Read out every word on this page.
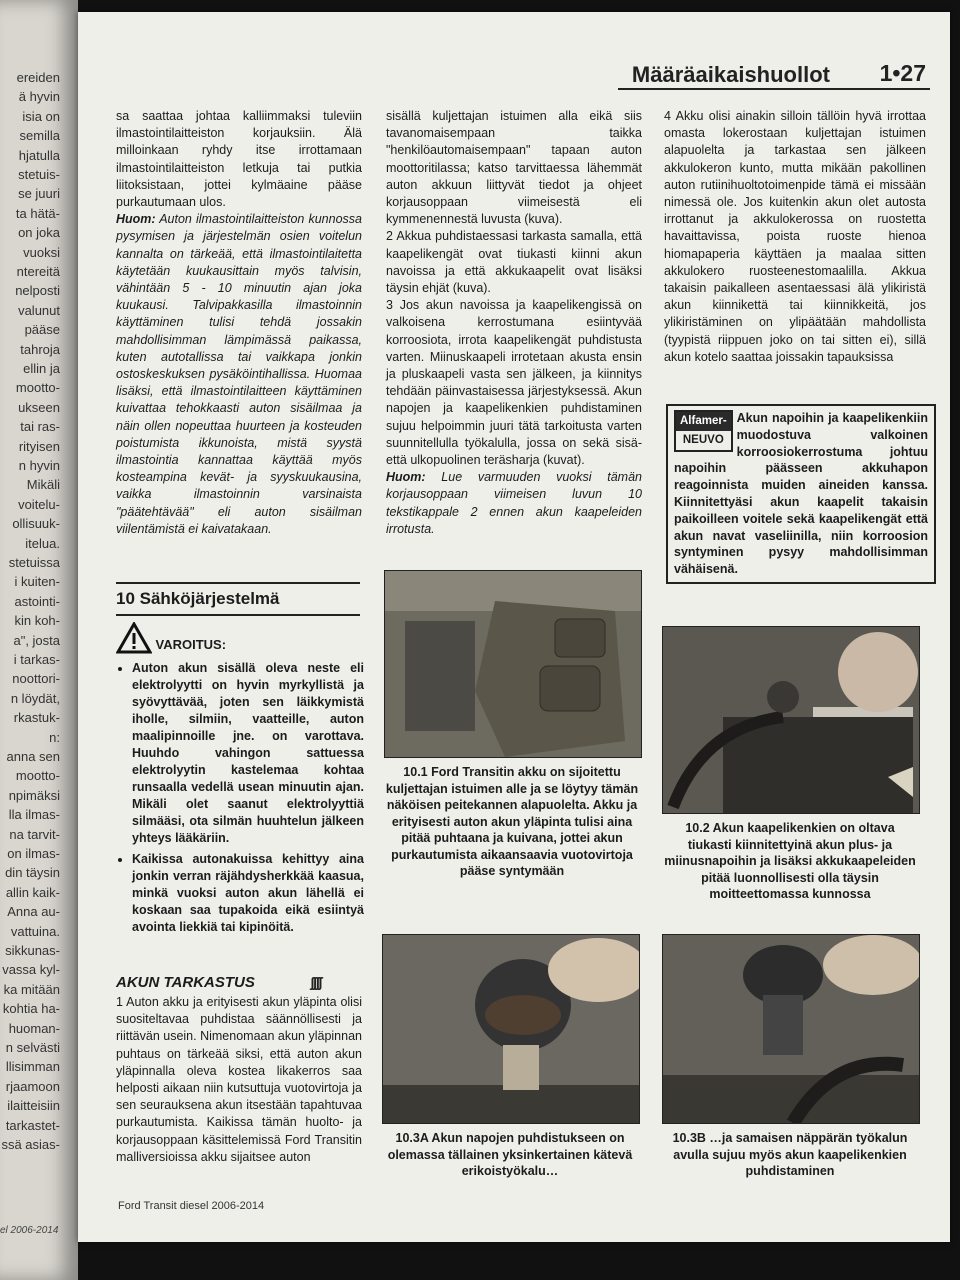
el 2006-2014
ereiden
ä hyvin
isia on
semilla
hjatulla
stetuis-
se juuri
ta hätä-
on joka
vuoksi
ntereitä
nelposti
valunut
pääse
tahroja
ellin ja
mootto-
ukseen
tai ras-
rityisen
n hyvin
Mikäli
voitelu-
ollisuuk-
itelua.
stetuissa
i kuiten-
astointi-
kin koh-
a", josta
i tarkas-
noottori-
n löydät,
rkastuk-
n:
anna sen
mootto-
npimäksi
lla ilmas-
na tarvit-
on ilmas-
din täysin
allin kaik-
Anna au-
vattuina.
sikkunas-
vassa kyl-
ka mitään
kohtia ha-
huoman-
n selvästi
llisimman
rjaamoon
ilaitteisiin
tarkastet-
ssä asias-
Määräaikaishuollot 1•27

sa saattaa johtaa kalliimmaksi tuleviin ilmastointilaitteiston korjauksiin. Älä milloinkaan ryhdy itse irrottamaan ilmastointilaitteiston letkuja tai putkia liitoksistaan, jottei kylmäaine pääse purkautumaan ulos.

Huom: Auton ilmastointilaitteiston kunnossa pysymisen ja järjestelmän osien voitelun kannalta on tärkeää, että ilmastointilaitetta käytetään kuukausittain myös talvisin, vähintään 5 - 10 minuutin ajan joka kuukausi. Talvipakkasilla ilmastoinnin käyttäminen tulisi tehdä jossakin mahdollisimman lämpimässä paikassa, kuten autotallissa tai vaikkapa jonkin ostoskeskuksen pysäköintihallissa. Huomaa lisäksi, että ilmastointilaitteen käyttäminen kuivattaa tehokkaasti auton sisäilmaa ja näin ollen nopeuttaa huurteen ja kosteuden poistumista ikkunoista, mistä syystä ilmastointia kannattaa käyttää myös kosteampina kevät- ja syyskuukausina, vaikka ilmastoinnin varsinaista "päätehtävää" eli auton sisäilman viilentämistä ei kaivatakaan.

10 Sähköjärjestelmä
VAROITUS:
• Auton akun sisällä oleva neste eli elektrolyytti on hyvin myrkyllistä ja syövyttävää, joten sen läikkymistä iholle, silmiin, vaatteille, auton maalipinnoille jne. on varottava. Huuhdo vahingon sattuessa elektrolyytin kastelemaa kohtaa runsaalla vedellä usean minuutin ajan. Mikäli olet saanut elektrolyyttiä silmääsi, ota silmän huuhtelun jälkeen yhteys lääkäriin.
• Kaikissa autonakuissa kehittyy aina jonkin verran räjähdysherkkää kaasua, minkä vuoksi auton akun lähellä ei koskaan saa tupakoida eikä esiintyä avointa liekkiä tai kipinöitä.
AKUN TARKASTUS	ʃʃʃʃ

1 Auton akku ja erityisesti akun yläpinta olisi suositeltavaa puhdistaa säännöllisesti ja riittävän usein. Nimenomaan akun yläpinnan puhtaus on tärkeää siksi, että auton akun yläpinnalla oleva kostea likakerros saa helposti aikaan niin kutsuttuja vuotovirtoja ja sen seurauksena akun itsestään tapahtuvaa purkautumista. Kaikissa tämän huolto- ja korjausoppaan käsittelemissä Ford Transitin malliversioissa akku sijaitsee auton

sisällä kuljettajan istuimen alla eikä siis tavanomaisempaan taikka "henkilöautomaisempaan" tapaan auton moottoritilassa; katso tarvittaessa lähemmät auton akkuun liittyvät tiedot ja ohjeet korjausoppaan viimeisestä eli kymmenennestä luvusta (kuva).

2 Akkua puhdistaessasi tarkasta samalla, että kaapelikengät ovat tiukasti kiinni akun navoissa ja että akkukaapelit ovat lisäksi täysin ehjät (kuva).

3 Jos akun navoissa ja kaapelikengissä on valkoisena kerrostumana esiintyvää korroosiota, irrota kaapelikengät puhdistusta varten. Miinuskaapeli irrotetaan akusta ensin ja pluskaapeli vasta sen jälkeen, ja kiinnitys tehdään päinvastaisessa järjestyksessä. Akun napojen ja kaapelikenkien puhdistaminen sujuu helpoimmin juuri tätä tarkoitusta varten suunnitellulla työkalulla, jossa on sekä sisä- että ulkopuolinen teräsharja (kuvat).

Huom: Lue varmuuden vuoksi tämän korjausoppaan viimeisen luvun 10 tekstikappale 2 ennen akun kaapeleiden irrotusta.

4 Akku olisi ainakin silloin tällöin hyvä irrottaa omasta lokerostaan kuljettajan istuimen alapuolelta ja tarkastaa sen jälkeen akkulokeron kunto, mutta mikään pakollinen auton rutiinihuoltotoimenpide tämä ei missään nimessä ole. Jos kuitenkin akun olet autosta irrottanut ja akkulokerossa on ruostetta havaittavissa, poista ruoste hienoa hiomapaperia käyttäen ja maalaa sitten akkulokero ruosteenestomaalilla. Akkua takaisin paikalleen asentaessasi älä ylikiristä akun kiinnikettä tai kiinnikkeitä, jos ylikiristäminen on ylipäätään mahdollista (tyypistä riippuen joko on tai sitten ei), sillä akun kotelo saattaa joissakin tapauksissa

Alfamer-
NEUVO
Akun napoihin ja kaapelikenkiin muodostuva valkoinen korroosiokerrostuma johtuu napoihin päässeen akkuhapon reagoinnista muiden aineiden kanssa. Kiinnitettyäsi akun kaapelit takaisin paikoilleen voitele sekä kaapelikengät että akun navat vaseliinilla, niin korroosion syntyminen pysyy mahdollisimman vähäisenä.
10.1 Ford Transitin akku on sijoitettu kuljettajan istuimen alle ja se löytyy tämän näköisen peitekannen alapuolelta. Akku ja erityisesti auton akun yläpinta tulisi aina pitää puhtaana ja kuivana, jottei akun purkautumista aikaansaavia vuotovirtoja pääse syntymään
10.2 Akun kaapelikenkien on oltava tiukasti kiinnitettyinä akun plus- ja miinusnapoihin ja lisäksi akkukaapeleiden pitää luonnollisesti olla täysin moitteettomassa kunnossa
10.3A Akun napojen puhdistukseen on olemassa tällainen yksinkertainen kätevä erikoistyökalu…
10.3B …ja samaisen näppärän työkalun avulla sujuu myös akun kaapelikenkien puhdistaminen
Ford Transit diesel 2006-2014
